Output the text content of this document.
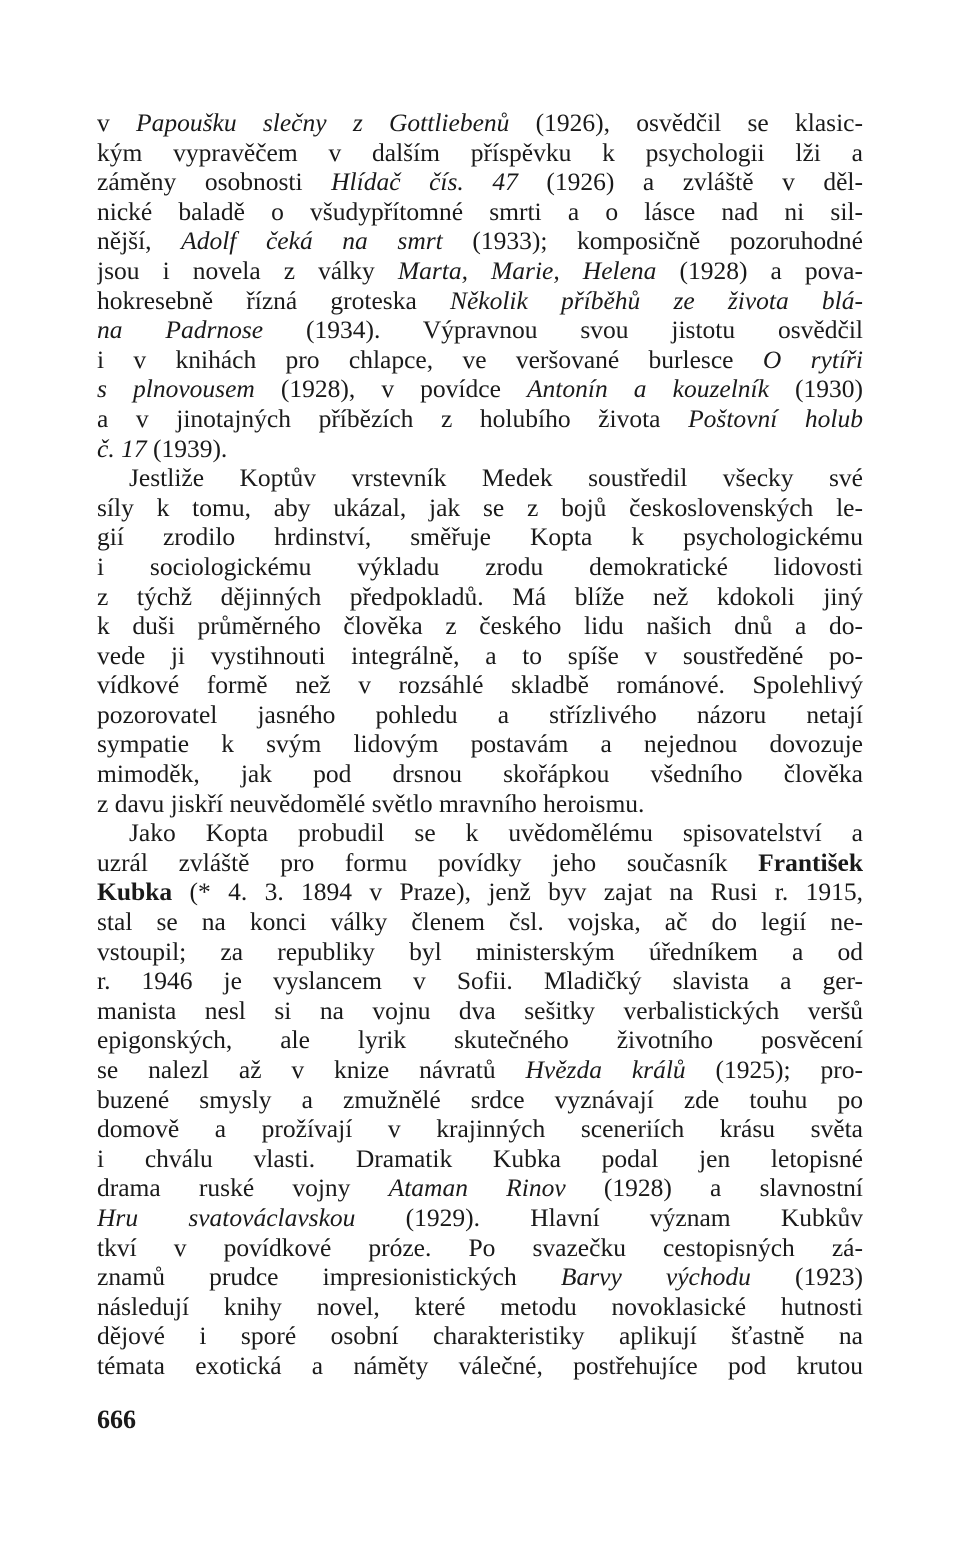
v Papoušku slečny z Gottliebenů (1926), osvědčil se klasic-
kým vypravěčem v dalším příspěvku k psychologii lži a
záměny osobnosti Hlídač čís. 47 (1926) a zvláště v děl-
nické baladě o všudypřítomné smrti a o lásce nad ni sil-
nější, Adolf čeká na smrt (1933); komposičně pozoruhodné
jsou i novela z války Marta, Marie, Helena (1928) a pova-
hokresebně řízná groteska Několik příběhů ze života blá-
na Padrnose (1934). Výpravnou svou jistotu osvědčil
i v knihách pro chlapce, ve veršované burlesce O rytíři
s plnovousem (1928), v povídce Antonín a kouzelník (1930)
a v jinotajných příbězích z holubího života Poštovní holub
č. 17 (1939).
Jestliže Koptův vrstevník Medek soustředil všecky své
síly k tomu, aby ukázal, jak se z bojů československých le-
gií zrodilo hrdinství, směřuje Kopta k psychologickému
i sociologickému výkladu zrodu demokratické lidovosti
z týchž dějinných předpokladů. Má blíže než kdokoli jiný
k duši průměrného člověka z českého lidu našich dnů a do-
vede ji vystihnouti integrálně, a to spíše v soustředěné po-
vídkové formě než v rozsáhlé skladbě románové. Spolehlivý
pozorovatel jasného pohledu a střízlivého názoru netají
sympatie k svým lidovým postavám a nejednou dovozuje
mimoděk, jak pod drsnou skořápkou všedního člověka
z davu jiskří neuvědomělé světlo mravního heroismu.
Jako Kopta probudil se k uvědomělému spisovatelství a
uzrál zvláště pro formu povídky jeho současník František
Kubka (* 4. 3. 1894 v Praze), jenž byv zajat na Rusi r. 1915,
stal se na konci války členem čsl. vojska, ač do legií ne-
vstoupil; za republiky byl ministerským úředníkem a od
r. 1946 je vyslancem v Sofii. Mladičký slavista a ger-
manista nesl si na vojnu dva sešitky verbalistických veršů
epigonských, ale lyrik skutečného životního posvěcení
se nalezl až v knize návratů Hvězda králů (1925); pro-
buzené smysly a zmužnělé srdce vyznávají zde touhu po
domově a prožívají v krajinných sceneriích krásu světa
i chválu vlasti. Dramatik Kubka podal jen letopisné
drama ruské vojny Ataman Rinov (1928) a slavnostní
Hru svatováclavskou (1929). Hlavní význam Kubkův
tkví v povídkové próze. Po svazečku cestopisných zá-
znamů prudce impresionistických Barvy východu (1923)
následují knihy novel, které metodu novoklasické hutnosti
dějové i sporé osobní charakteristiky aplikují šťastně na
témata exotická a náměty válečné, postřehujíce pod krutou
666
